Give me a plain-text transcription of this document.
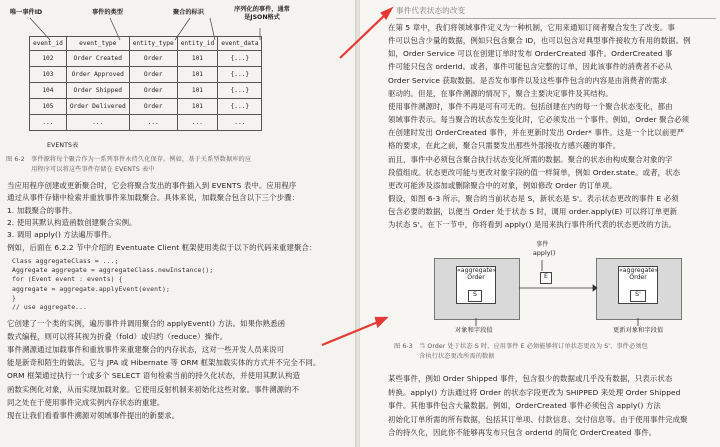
唯一事件ID	事件的类型	聚合的标识	序列化的事件，通常是JSON格式
event_id	event_type	entity_type	entity_id	event_data
102	Order Created	Order	101	{...}
103	Order Approved	Order	101	{...}
104	Order Shipped	Order	101	{...}
105	Order Delivered	Order	101	{...}
...	...	...	...	...
EVENTS表
图 6-2　事件源将每个聚合作为一系列事件永持久化保存。例如，基于关系型数据库的应
　　　　用程序可以将这些事件存储在 EVENTS 表中
当应用程序创建或更新聚合时，它会将聚合发出的事件插入到 EVENTS 表中。应用程序
通过从事件存储中检索并重放事件来加载聚合。具体来说，加载聚合包含以下三个步骤：
1. 加载聚合的事件。
2. 使用其默认构造函数创建聚合实例。
3. 调用 apply() 方法遍历事件。
例如，后面在 6.2.2 节中介绍的 Eventuate Client 框架使用类似于以下的代码来重建聚合：
Class aggregateClass = ...;
Aggregate aggregate = aggregateClass.newInstance();
for (Event event : events) {
aggregate = aggregate.applyEvent(event);
}
// use aggregate...
它创建了一个类的实例，遍历事件并调用聚合的 applyEvent() 方法。如果你熟悉函
数式编程，则可以将其视为折叠（fold）或归约（reduce）操作。
事件溯源通过加载事件和重放事件来重建聚合的内存状态，这对一些开发人员来说可
能是新奇和陌生的做法。它与 JPA 或 Hibernate 等 ORM 框架加载实体的方式并不完全不同。
ORM 框架通过执行一个或多个 SELECT 语句检索当前的持久化状态，并使用其默认构造
函数实例化对象，从而实现加载对象。它使用反射机制来初始化这些对象。事件溯源的不
同之处在于使用事件完成实例内存状态的重建。
现在让我们看看事件溯源对领域事件提出的新要求。
事件代表状态的改变
在第 5 章中，我们将领域事件定义为一种机制，它用来通知订阅者聚合发生了改变。事
件可以包含少量的数据，例如只包含聚合 ID，也可以包含对典型事件接收方有用的数据。例
如，Order Service 可以在创建订单时发布 OrderCreated 事件。OrderCreated 事
件可能只包含 orderId。或者，事件可能包含完整的订单，因此该事件的消费者不必从
Order Service 获取数据。是否发布事件以及这些事件包含的内容是由消费者的需求
驱动的。但是，在事件溯源的情况下，聚合主要决定事件及其结构。
使用事件溯源时，事件不再是可有可无的。包括创建在内的每一个聚合状态变化，都由
领域事件表示。每当聚合的状态发生变化时，它必须发出一个事件。例如，Order 聚合必须
在创建时发出 OrderCreated 事件，并在更新时发出 Order* 事件。这是一个比以前更严
格的要求，在此之前，聚合只需要发出那些外部接收方感兴趣的事件。
而且，事件中必须包含聚合执行状态变化所需的数据。聚合的状态由构成聚合对象的字
段值组成。状态更改可能与更改对象字段的值一样简单，例如 Order.state。或者，状态
更改可能涉及添加或删除聚合中的对象，例如修改 Order 的订单项。
假设，如图 6-3 所示，聚合的当前状态是 S，新状态是 S'。表示状态更改的事件 E 必须
包含必要的数据，以便当 Order 处于状态 S 时，调用 order.apply(E) 可以将订单更新
为状态 S'。在下一节中，你将看到 apply() 是用来执行事件所代表的状态更改的方法。
事件
apply()
«aggregate»
Order
«aggregate»
Order
S	S'
E
对象和字段值	更新对象和字段值
图 6-3　当 Order 处于状态 S 时，应用事件 E 必须能够将订单状态更改为 S'，事件必须包
　　　　含执行状态更改所需的数据
某些事件，例如 Order Shipped 事件，包含很少的数据或几乎没有数据，只表示状态
转换。apply() 方法通过将 Order 的状态字段更改为 SHIPPED 来处理 Order Shipped
事件。其他事件包含大量数据。例如，OrderCreated 事件必须包含 apply() 方法
初始化订单所需的所有数据，包括其订单项、付款信息、交付信息等。由于使用事件完成聚
合的持久化，因此你不能够再发布只包含 orderId 的简化 OrderCreated 事件。
